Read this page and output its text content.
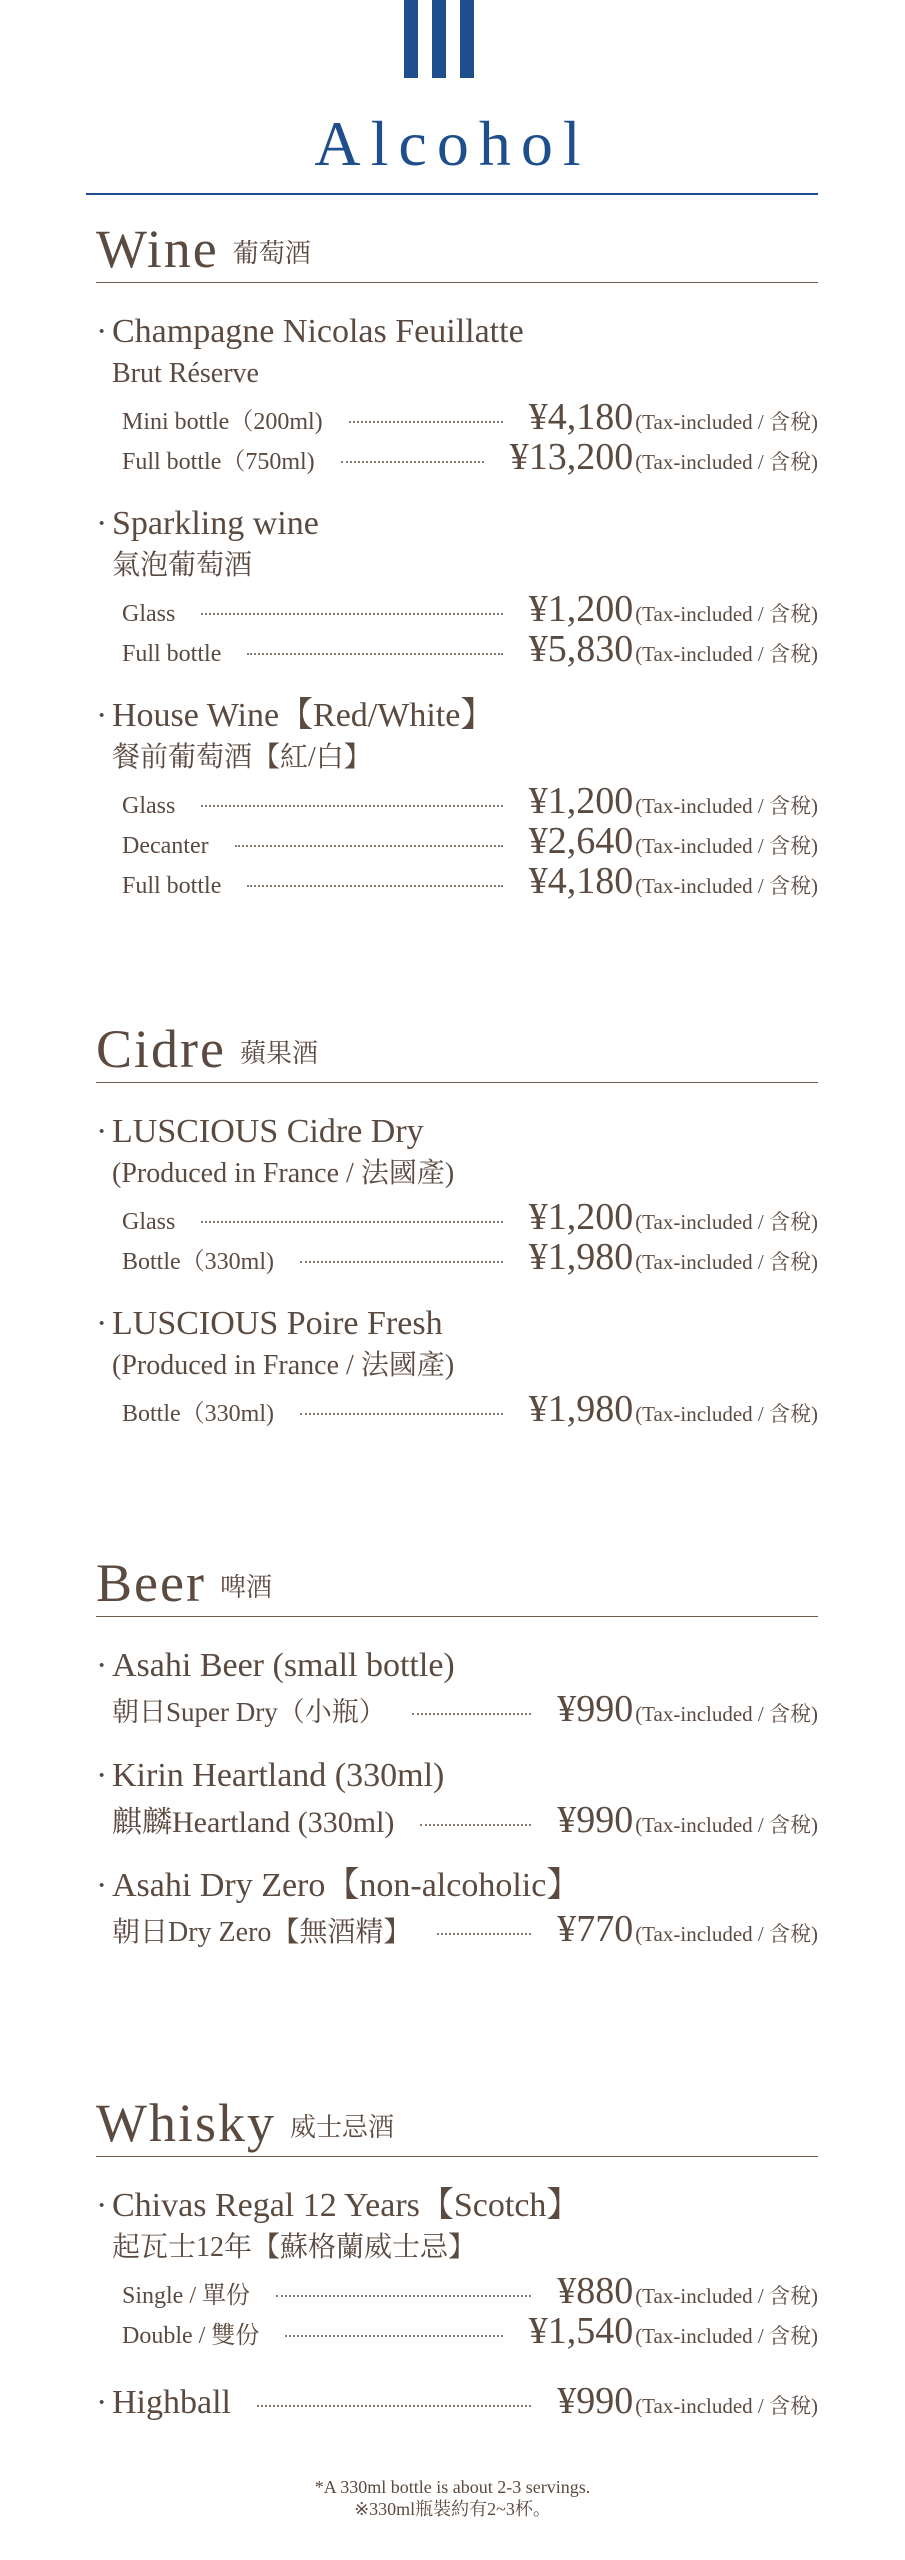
Alcohol
Wine 葡萄酒
· Champagne Nicolas Feuillatte
Brut Réserve
Mini bottle（200ml)	¥4,180 (Tax-included / 含稅)
Full bottle（750ml)	¥13,200 (Tax-included / 含稅)
· Sparkling wine
氣泡葡萄酒
Glass	¥1,200 (Tax-included / 含稅)
Full bottle	¥5,830 (Tax-included / 含稅)
· House Wine【Red/White】
餐前葡萄酒【紅/白】
Glass	¥1,200 (Tax-included / 含稅)
Decanter	¥2,640 (Tax-included / 含稅)
Full bottle	¥4,180 (Tax-included / 含稅)
Cidre 蘋果酒
· LUSCIOUS Cidre Dry
(Produced in France / 法國產)
Glass	¥1,200 (Tax-included / 含稅)
Bottle（330ml)	¥1,980 (Tax-included / 含稅)
· LUSCIOUS Poire Fresh
(Produced in France / 法國產)
Bottle（330ml)	¥1,980 (Tax-included / 含稅)
Beer 啤酒
· Asahi Beer (small bottle)
朝日Super Dry（小瓶）	¥990 (Tax-included / 含稅)
· Kirin Heartland (330ml)
麒麟Heartland (330ml)	¥990 (Tax-included / 含稅)
· Asahi Dry Zero【non-alcoholic】
朝日Dry Zero【無酒精】	¥770 (Tax-included / 含稅)
Whisky 威士忌酒
· Chivas Regal 12 Years【Scotch】
起瓦士12年【蘇格蘭威士忌】
Single / 單份	¥880 (Tax-included / 含稅)
Double / 雙份	¥1,540 (Tax-included / 含稅)
· Highball	¥990 (Tax-included / 含稅)
*A 330ml bottle is about 2-3 servings.
※330ml瓶裝約有2~3杯。
